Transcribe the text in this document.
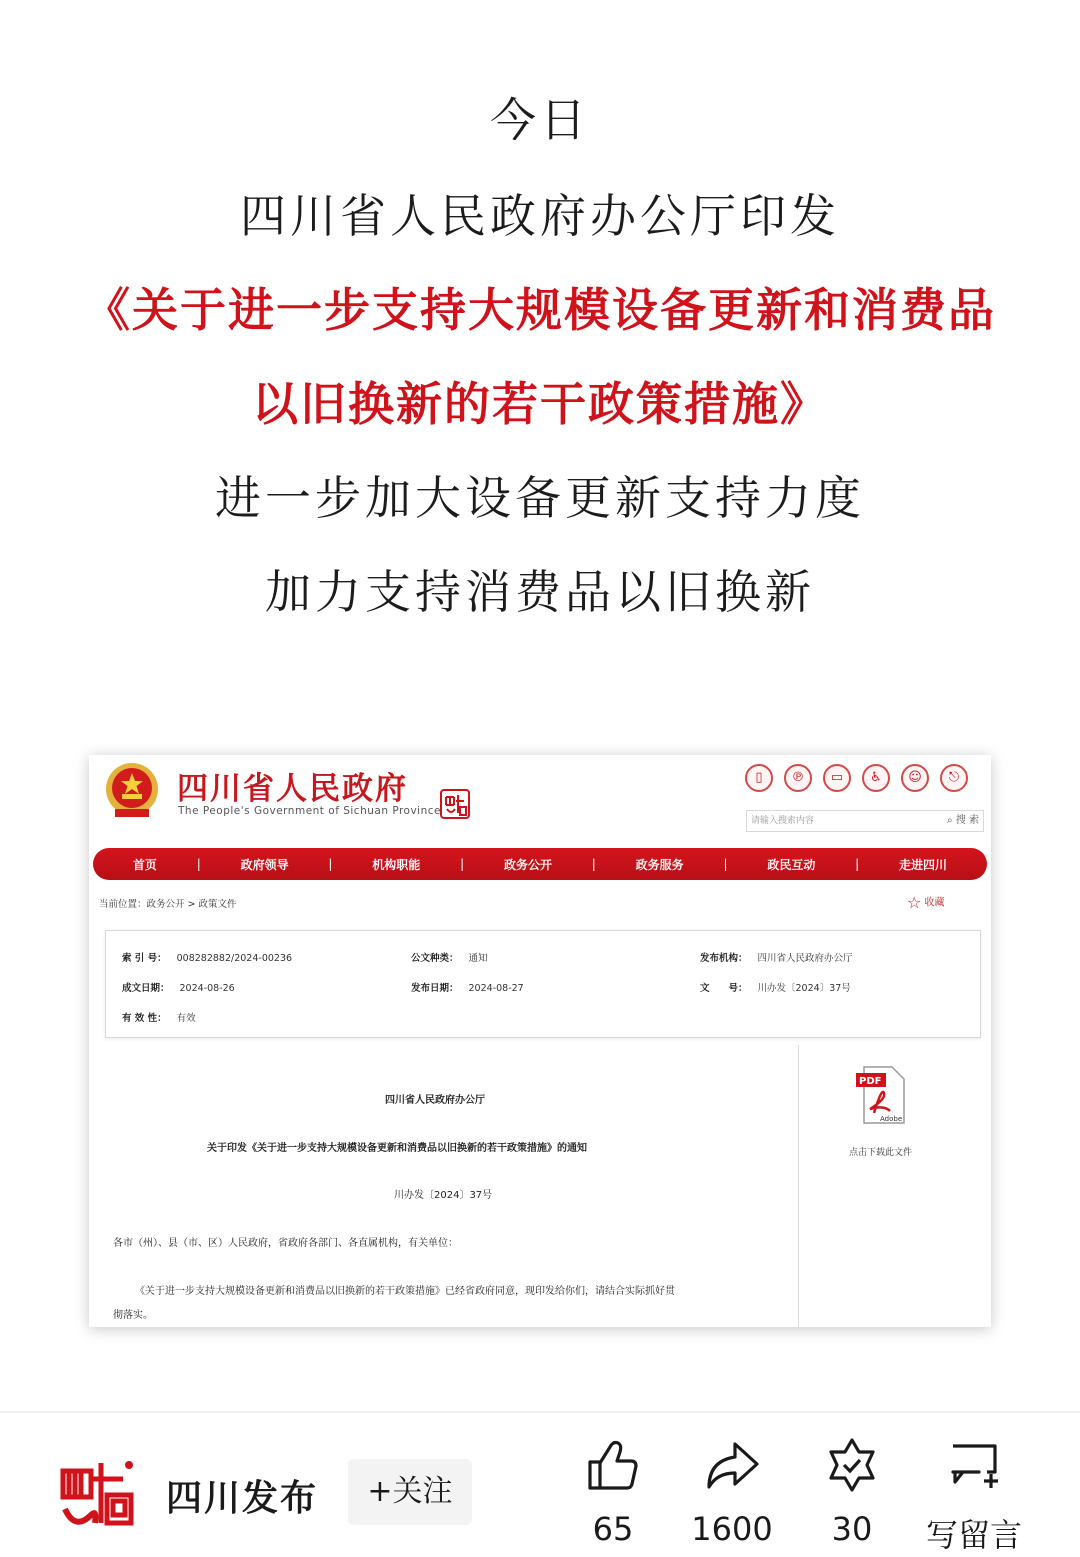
今日
四川省人民政府办公厅印发
《关于进一步支持大规模设备更新和消费品
以旧换新的若干政策措施》
进一步加大设备更新支持力度
加力支持消费品以旧换新
四川省人民政府
The People's Government of Sichuan Province
▯	℗	▭	♿	☺	⎋
请输入搜索内容	⌕ 搜 索
首页	|	政府领导	|	机构职能	|	政务公开	|	政务服务	|	政民互动	|	走进四川
当前位置：政务公开 > 政策文件	☆ 收藏
索 引 号： 008282882/2024-00236	公文种类： 通知	发布机构： 四川省人民政府办公厅
成文日期： 2024-08-26	发布日期： 2024-08-27	文　　号： 川办发〔2024〕37号
有 效 性： 有效
四川省人民政府办公厅
关于印发《关于进一步支持大规模设备更新和消费品以旧换新的若干政策措施》的通知
川办发〔2024〕37号
各市（州）、县（市、区）人民政府，省政府各部门、各直属机构，有关单位：
《关于进一步支持大规模设备更新和消费品以旧换新的若干政策措施》已经省政府同意，现印发给你们，请结合实际抓好贯
彻落实。
PDF
Adobe
点击下载此文件
四川发布	+关注
65	1600	30	写留言
